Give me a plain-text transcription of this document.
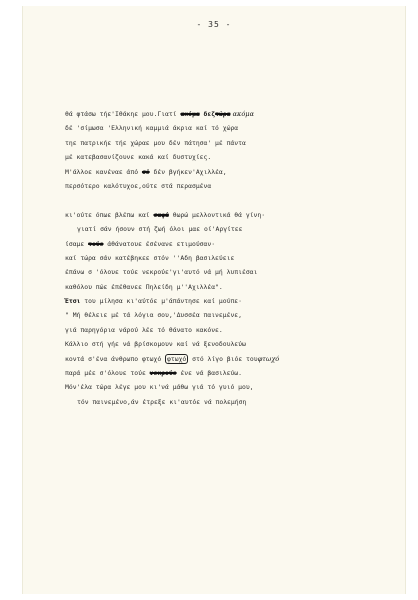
- 35 -
θά φτάσω τήε'Ιθάκηε μου.Γιατί ακόμα δεζτώρα ακόμα
δέ 'σίμωσα 'Ελληνική καμμιά άκρια καί τό χώρα
τηε πατρικήε τήε χώραε μου δέν πάτησα' μέ πάντα
μέ κατεβασανίζουνε κακά καί δυστυχίες.
Μ'άλλοε κανέναε άπό σέ δέν βγήκεν'Αχιλλέα,
περσότερο καλότυχοε,ούτε στά περασμένα
κι'ούτε όπωε βλέπω καί σαφά θωρώ μελλοντικά θά γίνη·
γιατί σάν ήσουν στή ζωή όλοι μαε οί'Αργίτεε
ίσαμε τούε άθάνατουε έσένανε ετιμούσαν·
καί τώρα σάν κατέβηκεε στόν ''Αδη βασιλεύειε
έπάνω σ 'όλουε τούε νεκρούε'γι'αυτό νά μή λυπιέσαι
καθόλου πώε έπέθανεε Πηλείδη μ''Αχιλλέα".
Έτσι του μίλησα κι'αύτόε μ'άπάντησε καί μούπε·
" Μή θέλειε μέ τά λόγια σου,'Δυσσέα παινεμένε,
γιά παρηγόρια νάρού λέε τό θάνατο κακόνε.
Κάλλιο στή γήε νά βρίσκομουν καί νά ξενοδουλεύω
κοντά σ'ένα άνθρωπο φτωχό φτωχό στό λίγο βιόε τουφτωχό
παρά μέε σ'όλουε τούε νεκρούε ένε νά βασιλεύω.
Μόν'έλα τώρα λέγε μου κι'νά μάθω γιά τό γυιό μου,
τόν παινεμένο,άν έτρεξε κι'αυτόε νά πολεμήση
